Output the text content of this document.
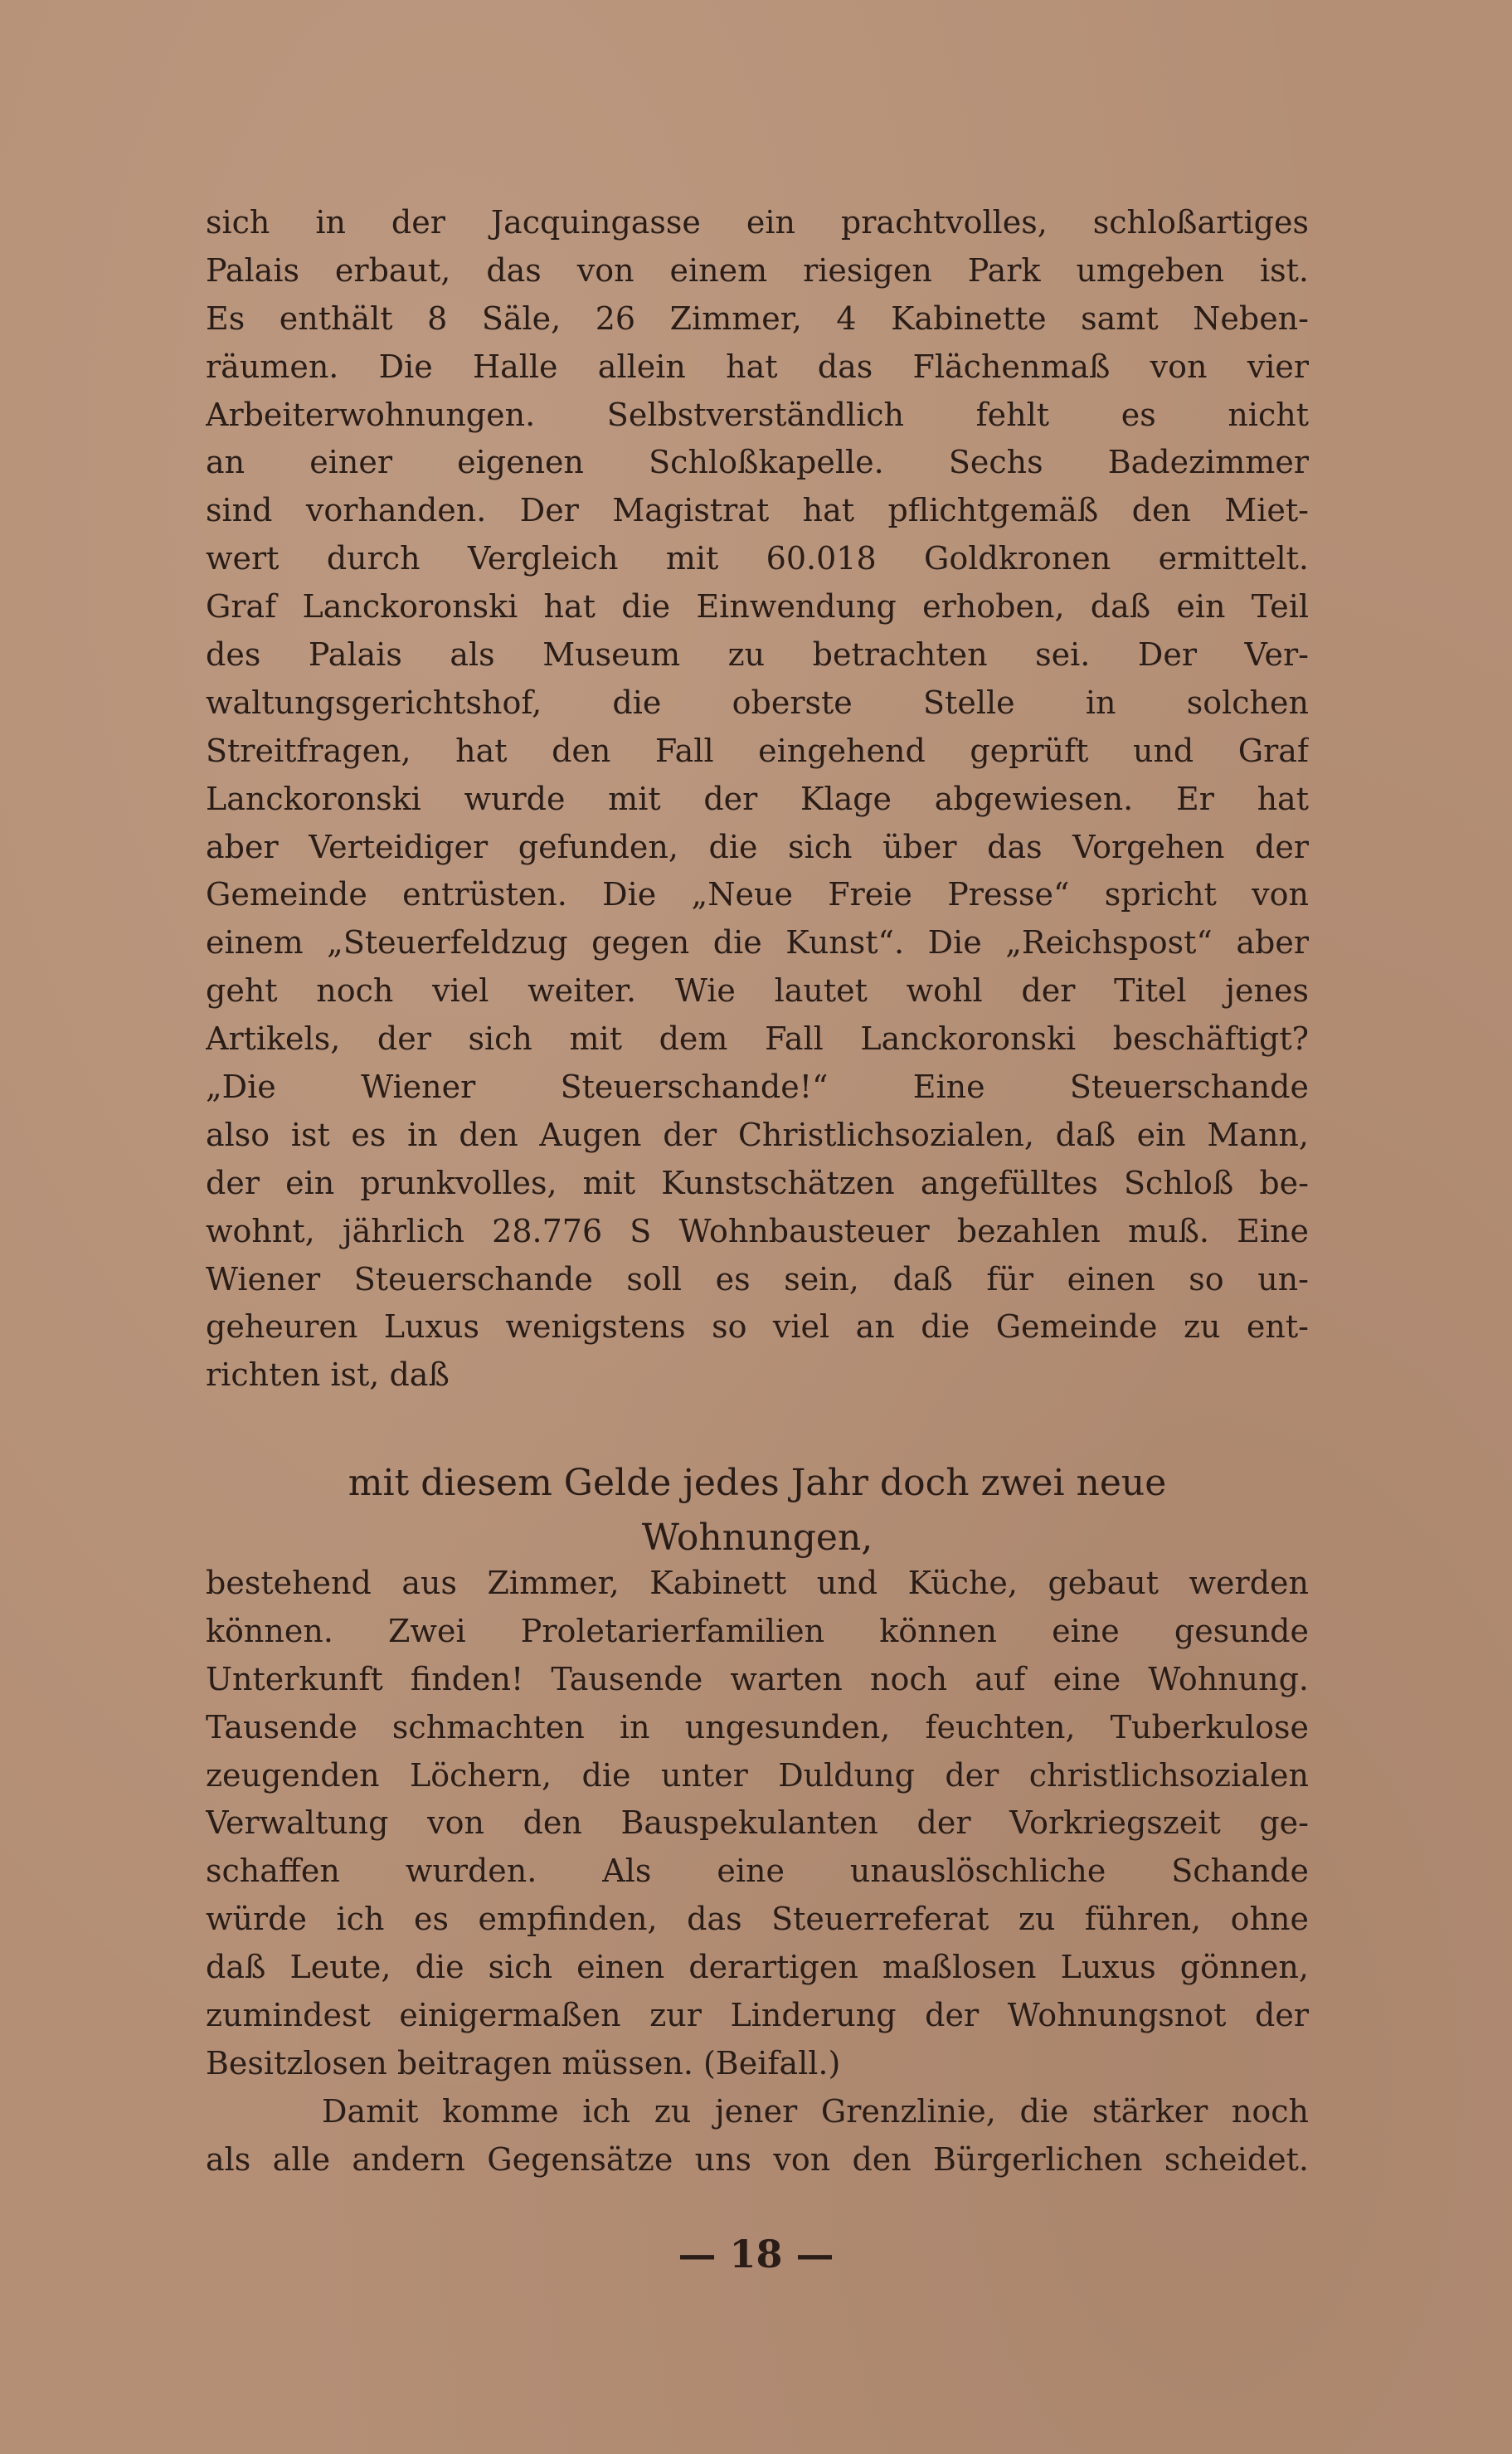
sich in der Jacquingasse ein prachtvolles, schloßartiges
Palais erbaut, das von einem riesigen Park umgeben ist.
Es enthält 8 Säle, 26 Zimmer, 4 Kabinette samt Neben-
räumen. Die Halle allein hat das Flächenmaß von vier
Arbeiterwohnungen. Selbstverständlich fehlt es nicht
an einer eigenen Schloßkapelle. Sechs Badezimmer
sind vorhanden. Der Magistrat hat pflichtgemäß den Miet-
wert durch Vergleich mit 60.018 Goldkronen ermittelt.
Graf Lanckoronski hat die Einwendung erhoben, daß ein Teil
des Palais als Museum zu betrachten sei. Der Ver-
waltungsgerichtshof, die oberste Stelle in solchen
Streitfragen, hat den Fall eingehend geprüft und Graf
Lanckoronski wurde mit der Klage abgewiesen. Er hat
aber Verteidiger gefunden, die sich über das Vorgehen der
Gemeinde entrüsten. Die „Neue Freie Presse“ spricht von
einem „Steuerfeldzug gegen die Kunst“. Die „Reichspost“ aber
geht noch viel weiter. Wie lautet wohl der Titel jenes
Artikels, der sich mit dem Fall Lanckoronski beschäftigt?
„Die Wiener Steuerschande!“ Eine Steuerschande
also ist es in den Augen der Christlichsozialen, daß ein Mann,
der ein prunkvolles, mit Kunstschätzen angefülltes Schloß be-
wohnt, jährlich 28.776 S Wohnbausteuer bezahlen muß. Eine
Wiener Steuerschande soll es sein, daß für einen so un-
geheuren Luxus wenigstens so viel an die Gemeinde zu ent-
richten ist, daß
mit diesem Gelde jedes Jahr doch zwei neue
Wohnungen,
bestehend aus Zimmer, Kabinett und Küche, gebaut werden
können. Zwei Proletarierfamilien können eine gesunde
Unterkunft finden! Tausende warten noch auf eine Wohnung.
Tausende schmachten in ungesunden, feuchten, Tuberkulose
zeugenden Löchern, die unter Duldung der christlichsozialen
Verwaltung von den Bauspekulanten der Vorkriegszeit ge-
schaffen wurden. Als eine unauslöschliche Schande
würde ich es empfinden, das Steuerreferat zu führen, ohne
daß Leute, die sich einen derartigen maßlosen Luxus gönnen,
zumindest einigermaßen zur Linderung der Wohnungsnot der
Besitzlosen beitragen müssen. (Beifall.)
Damit komme ich zu jener Grenzlinie, die stärker noch
als alle andern Gegensätze uns von den Bürgerlichen scheidet.
— 18 —
